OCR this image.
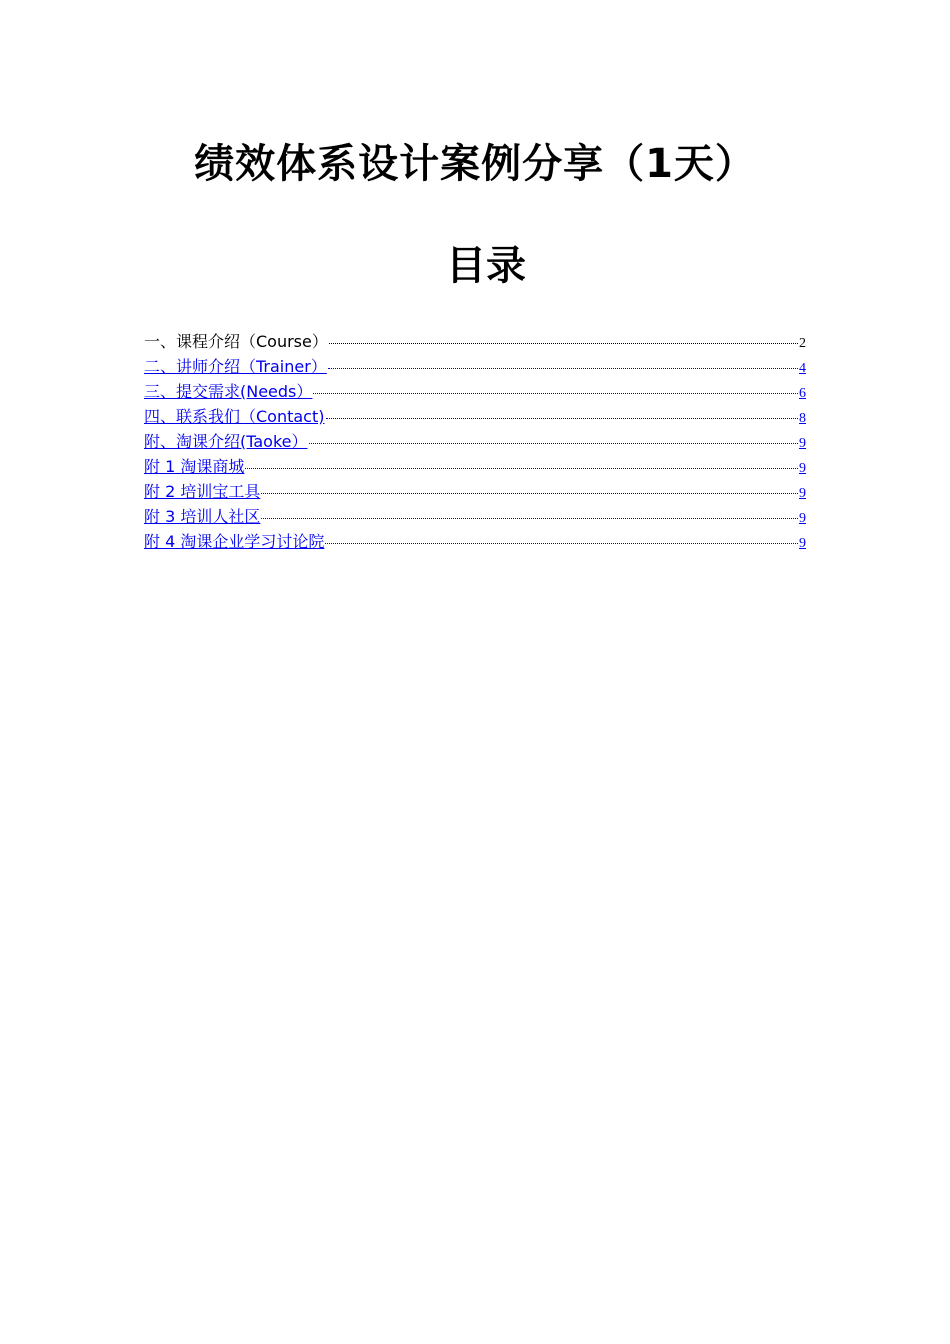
绩效体系设计案例分享（1天）
目录
一、课程介绍（Course）	2
二、讲师介绍（Trainer）	4
三、提交需求(Needs）	6
四、联系我们（Contact)	8
附、淘课介绍(Taoke）	9
附 1 淘课商城	9
附 2 培训宝工具	9
附 3 培训人社区	9
附 4 淘课企业学习讨论院	9
